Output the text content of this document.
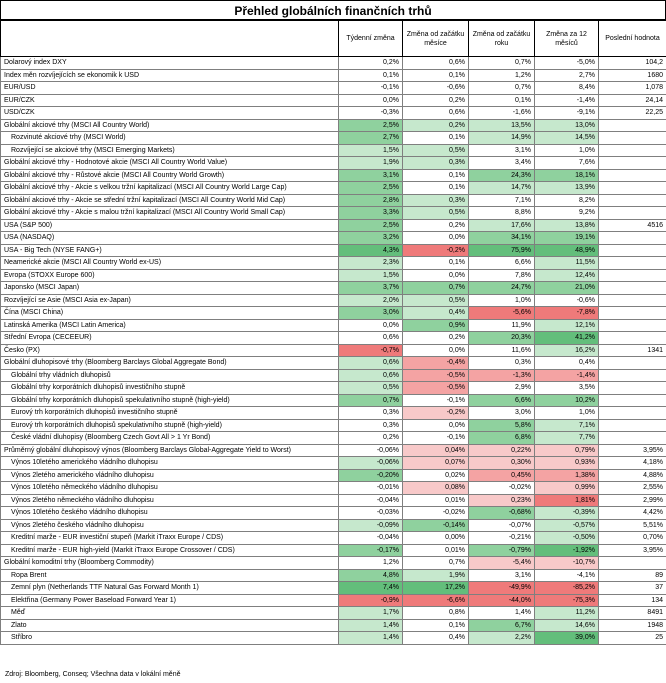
Přehled globálních finančních trhů
	Týdenní změna	Změna od začátku měsíce	Změna od začátku roku	Změna za 12 měsíců	Poslední hodnota
Dolarový index DXY	0,2%	0,6%	0,7%	-5,0%	104,2
Index měn rozvíjejících se ekonomik k USD	0,1%	0,1%	1,2%	2,7%	1680
EUR/USD	-0,1%	-0,6%	0,7%	8,4%	1,078
EUR/CZK	0,0%	0,2%	0,1%	-1,4%	24,14
USD/CZK	-0,3%	0,6%	-1,6%	-9,1%	22,25
Globální akciové trhy (MSCI All Country World)	2,5%	0,2%	13,5%	13,0%	
Rozvinuté akciové trhy (MSCI World)	2,7%	0,1%	14,9%	14,5%	
Rozvíjející se akciové trhy (MSCI Emerging Markets)	1,5%	0,5%	3,1%	1,0%	
Globální akciové trhy - Hodnotové akcie (MSCI All Country World Value)	1,9%	0,3%	3,4%	7,6%	
Globální akciové trhy - Růstové akcie (MSCI All Country World Growth)	3,1%	0,1%	24,3%	18,1%	
Globální akciové trhy - Akcie s velkou tržní kapitalizací (MSCI All Country World Large Cap)	2,5%	0,1%	14,7%	13,9%	
Globální akciové trhy - Akcie se střední tržní kapitalizací (MSCI All Country World Mid Cap)	2,8%	0,3%	7,1%	8,2%	
Globální akciové trhy - Akcie s malou tržní kapitalizací (MSCI All Country World Small Cap)	3,3%	0,5%	8,8%	9,2%	
USA (S&P 500)	2,5%	0,2%	17,6%	13,8%	4516
USA (NASDAQ)	3,2%	0,0%	34,1%	19,1%	
USA - Big Tech (NYSE FANG+)	4,3%	-0,2%	75,9%	48,9%	
Neamerické akcie (MSCI All Country World ex-US)	2,3%	0,1%	6,6%	11,5%	
Evropa (STOXX Europe 600)	1,5%	0,0%	7,8%	12,4%	
Japonsko (MSCI Japan)	3,7%	0,7%	24,7%	21,0%	
Rozvíjející se Asie (MSCI Asia ex-Japan)	2,0%	0,5%	1,0%	-0,6%	
Čína (MSCI China)	3,0%	0,4%	-5,6%	-7,8%	
Latinská Amerika (MSCI Latin America)	0,0%	0,9%	11,9%	12,1%	
Střední Evropa (CECEEUR)	0,6%	0,2%	20,3%	41,2%	
Česko (PX)	-0,7%	0,0%	11,6%	16,2%	1341
Globální dluhopisové trhy (Bloomberg Barclays Global Aggregate Bond)	0,6%	-0,4%	0,3%	0,4%	
Globální trhy vládních dluhopisů	0,6%	-0,5%	-1,3%	-1,4%	
Globální trhy korporátních dluhopisů investičního stupně	0,5%	-0,5%	2,9%	3,5%	
Globální trhy korporátních dluhopisů spekulativního stupně (high-yield)	0,7%	-0,1%	6,6%	10,2%	
Eurový trh korporátních dluhopisů investičního stupně	0,3%	-0,2%	3,0%	1,0%	
Eurový trh korporátních dluhopisů spekulativního stupně (high-yield)	0,3%	0,0%	5,8%	7,1%	
České vládní dluhopisy (Bloomberg Czech Govt All > 1 Yr Bond)	0,2%	-0,1%	6,8%	7,7%	
Průměrný globální dluhopisový výnos (Bloomberg Barclays Global-Aggregate Yield to Worst)	-0,06%	0,04%	0,22%	0,79%	3,95%
Výnos 10letého amerického vládního dluhopisu	-0,06%	0,07%	0,30%	0,93%	4,18%
Výnos 2letého amerického vládního dluhopisu	-0,20%	0,02%	0,45%	1,38%	4,88%
Výnos 10letého německého vládního dluhopisu	-0,01%	0,08%	-0,02%	0,99%	2,55%
Výnos 2letého německého vládního dluhopisu	-0,04%	0,01%	0,23%	1,81%	2,99%
Výnos 10letého českého vládního dluhopisu	-0,03%	-0,02%	-0,68%	-0,39%	4,42%
Výnos 2letého českého vládního dluhopisu	-0,09%	-0,14%	-0,07%	-0,57%	5,51%
Kreditní marže - EUR investiční stupeň (Markit iTraxx Europe / CDS)	-0,04%	0,00%	-0,21%	-0,50%	0,70%
Kreditní marže - EUR high-yield (Markit iTraxx Europe Crossover / CDS)	-0,17%	0,01%	-0,79%	-1,92%	3,95%
Globální komoditní trhy (Bloomberg Commodity)	1,2%	0,7%	-5,4%	-10,7%	
Ropa Brent	4,8%	1,9%	3,1%	-4,1%	89
Zemní plyn (Netherlands TTF Natural Gas Forward Month 1)	7,4%	17,2%	-49,9%	-85,2%	37
Elektřina (Germany Power Baseload Forward Year 1)	-0,9%	-6,6%	-44,0%	-75,3%	134
Měď	1,7%	0,8%	1,4%	11,2%	8491
Zlato	1,4%	0,1%	6,7%	14,6%	1948
Stříbro	1,4%	0,4%	2,2%	39,0%	25
Zdroj: Bloomberg, Conseq; Všechna data v lokální měně
